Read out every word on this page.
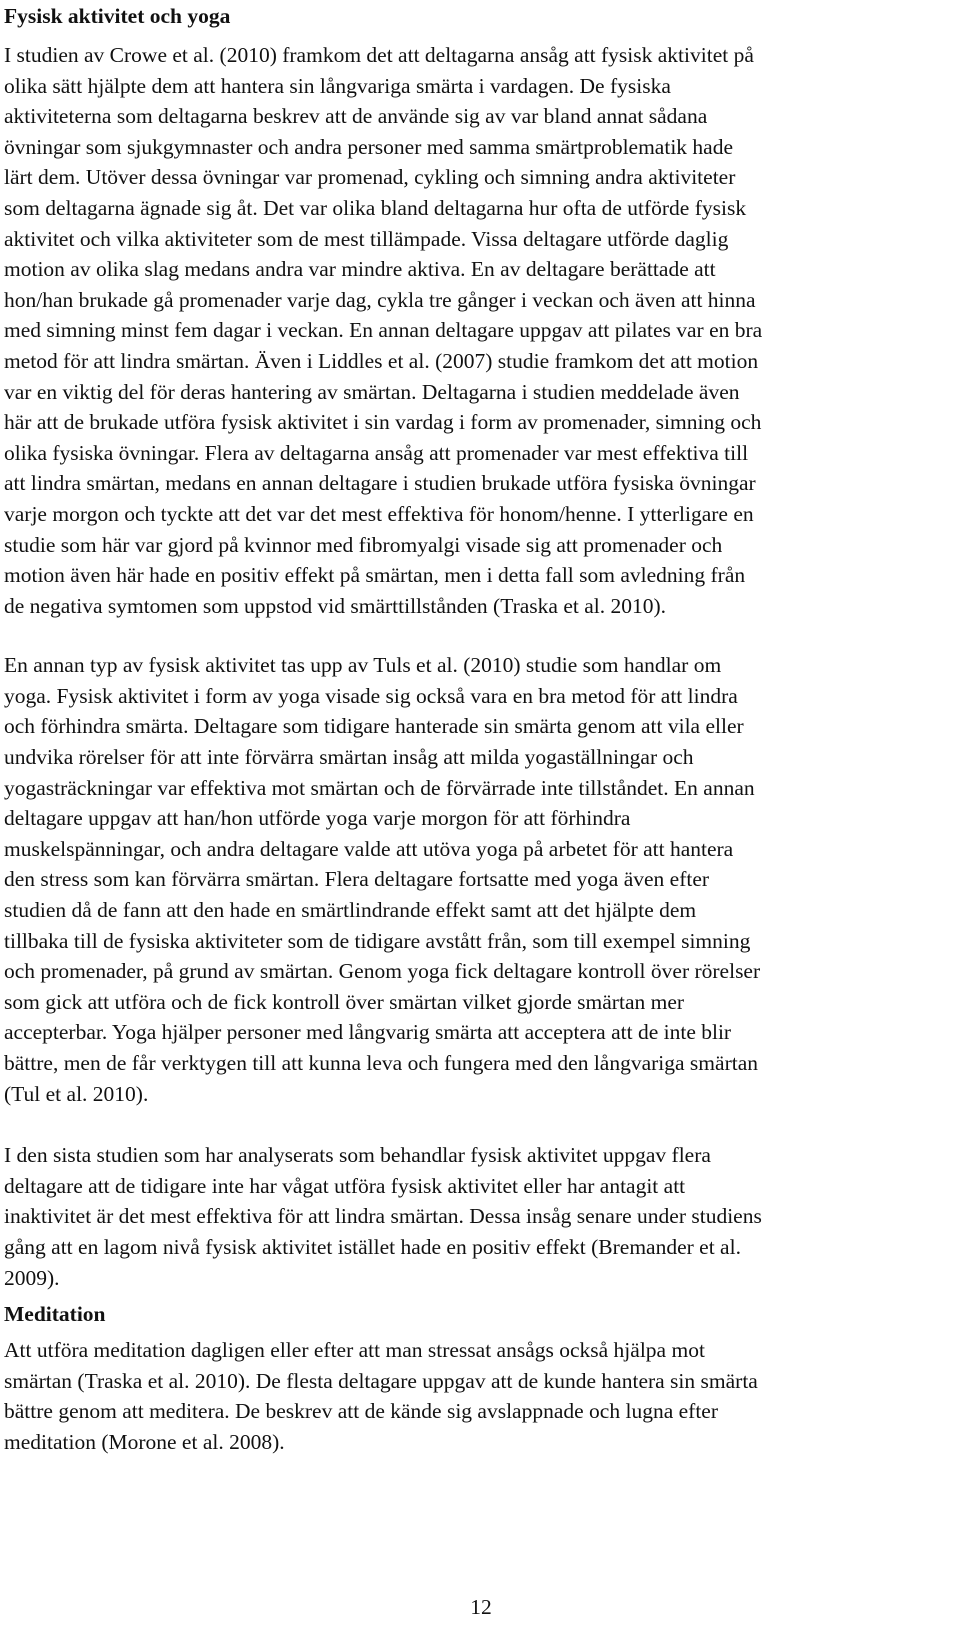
Fysisk aktivitet och yoga

I studien av Crowe et al. (2010) framkom det att deltagarna ansåg att fysisk aktivitet på
olika sätt hjälpte dem att hantera sin långvariga smärta i vardagen. De fysiska
aktiviteterna som deltagarna beskrev att de använde sig av var bland annat sådana
övningar som sjukgymnaster och andra personer med samma smärtproblematik hade
lärt dem. Utöver dessa övningar var promenad, cykling och simning andra aktiviteter
som deltagarna ägnade sig åt. Det var olika bland deltagarna hur ofta de utförde fysisk
aktivitet och vilka aktiviteter som de mest tillämpade. Vissa deltagare utförde daglig
motion av olika slag medans andra var mindre aktiva. En av deltagare berättade att
hon/han brukade gå promenader varje dag, cykla tre gånger i veckan och även att hinna
med simning minst fem dagar i veckan. En annan deltagare uppgav att pilates var en bra
metod för att lindra smärtan. Även i Liddles et al. (2007) studie framkom det att motion
var en viktig del för deras hantering av smärtan. Deltagarna i studien meddelade även
här att de brukade utföra fysisk aktivitet i sin vardag i form av promenader, simning och
olika fysiska övningar. Flera av deltagarna ansåg att promenader var mest effektiva till
att lindra smärtan, medans en annan deltagare i studien brukade utföra fysiska övningar
varje morgon och tyckte att det var det mest effektiva för honom/henne. I ytterligare en
studie som här var gjord på kvinnor med fibromyalgi visade sig att promenader och
motion även här hade en positiv effekt på smärtan, men i detta fall som avledning från
de negativa symtomen som uppstod vid smärttillstånden (Traska et al. 2010).

En annan typ av fysisk aktivitet tas upp av Tuls et al. (2010) studie som handlar om
yoga. Fysisk aktivitet i form av yoga visade sig också vara en bra metod för att lindra
och förhindra smärta. Deltagare som tidigare hanterade sin smärta genom att vila eller
undvika rörelser för att inte förvärra smärtan insåg att milda yogaställningar och
yogasträckningar var effektiva mot smärtan och de förvärrade inte tillståndet. En annan
deltagare uppgav att han/hon utförde yoga varje morgon för att förhindra
muskelspänningar, och andra deltagare valde att utöva yoga på arbetet för att hantera
den stress som kan förvärra smärtan. Flera deltagare fortsatte med yoga även efter
studien då de fann att den hade en smärtlindrande effekt samt att det hjälpte dem
tillbaka till de fysiska aktiviteter som de tidigare avstått från, som till exempel simning
och promenader, på grund av smärtan. Genom yoga fick deltagare kontroll över rörelser
som gick att utföra och de fick kontroll över smärtan vilket gjorde smärtan mer
accepterbar. Yoga hjälper personer med långvarig smärta att acceptera att de inte blir
bättre, men de får verktygen till att kunna leva och fungera med den långvariga smärtan
(Tul et al. 2010).

I den sista studien som har analyserats som behandlar fysisk aktivitet uppgav flera
deltagare att de tidigare inte har vågat utföra fysisk aktivitet eller har antagit att
inaktivitet är det mest effektiva för att lindra smärtan. Dessa insåg senare under studiens
gång att en lagom nivå fysisk aktivitet istället hade en positiv effekt (Bremander et al.
2009).

Meditation

Att utföra meditation dagligen eller efter att man stressat ansågs också hjälpa mot
smärtan (Traska et al. 2010). De flesta deltagare uppgav att de kunde hantera sin smärta
bättre genom att meditera. De beskrev att de kände sig avslappnade och lugna efter
meditation (Morone et al. 2008).

12
